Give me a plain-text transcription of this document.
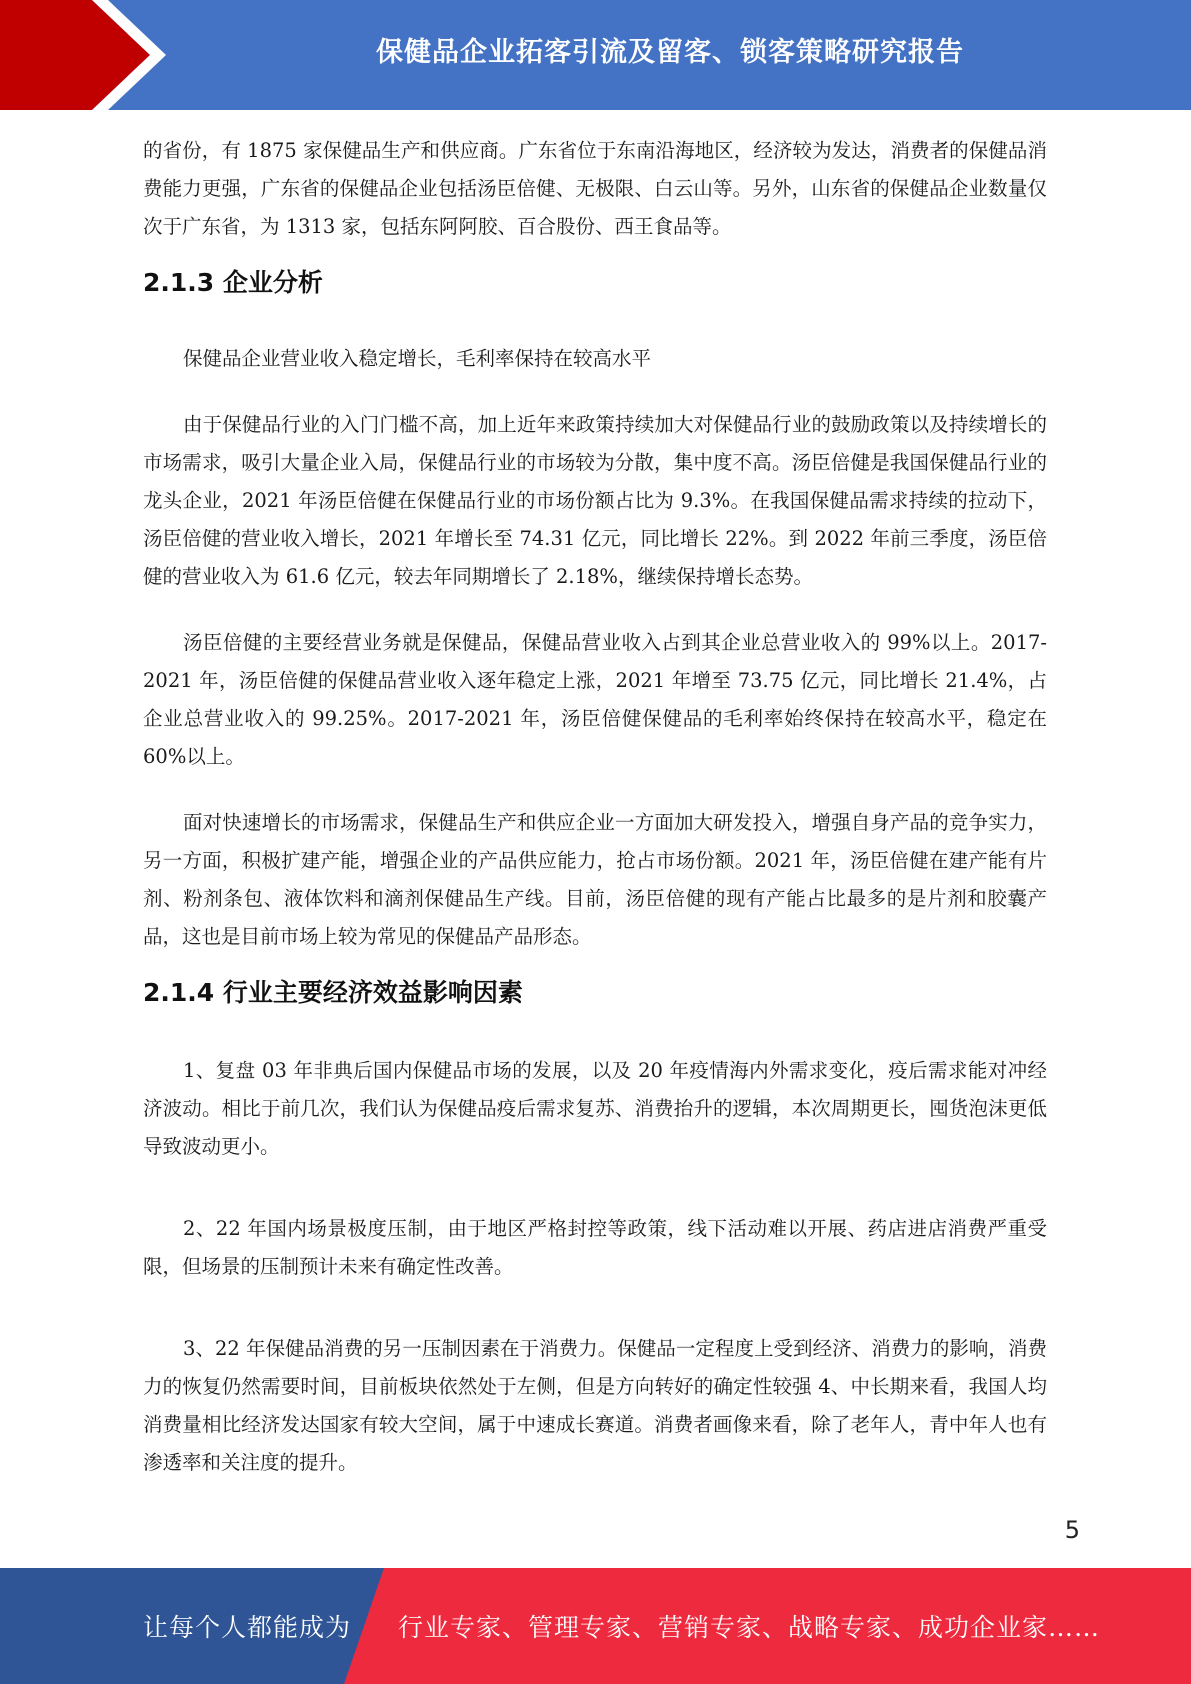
保健品企业拓客引流及留客、锁客策略研究报告

的省份，有 1875 家保健品生产和供应商。广东省位于东南沿海地区，经济较为发达，消费者的保健品消费能力更强，广东省的保健品企业包括汤臣倍健、无极限、白云山等。另外，山东省的保健品企业数量仅次于广东省，为 1313 家，包括东阿阿胶、百合股份、西王食品等。

2.1.3 企业分析

保健品企业营业收入稳定增长，毛利率保持在较高水平

由于保健品行业的入门门槛不高，加上近年来政策持续加大对保健品行业的鼓励政策以及持续增长的市场需求，吸引大量企业入局，保健品行业的市场较为分散，集中度不高。汤臣倍健是我国保健品行业的龙头企业，2021 年汤臣倍健在保健品行业的市场份额占比为 9.3%。在我国保健品需求持续的拉动下，汤臣倍健的营业收入增长，2021 年增长至 74.31 亿元，同比增长 22%。到 2022 年前三季度，汤臣倍健的营业收入为 61.6 亿元，较去年同期增长了 2.18%，继续保持增长态势。

汤臣倍健的主要经营业务就是保健品，保健品营业收入占到其企业总营业收入的 99%以上。2017-2021 年，汤臣倍健的保健品营业收入逐年稳定上涨，2021 年增至 73.75 亿元，同比增长 21.4%，占企业总营业收入的 99.25%。2017-2021 年，汤臣倍健保健品的毛利率始终保持在较高水平，稳定在 60%以上。

面对快速增长的市场需求，保健品生产和供应企业一方面加大研发投入，增强自身产品的竞争实力，另一方面，积极扩建产能，增强企业的产品供应能力，抢占市场份额。2021 年，汤臣倍健在建产能有片剂、粉剂条包、液体饮料和滴剂保健品生产线。目前，汤臣倍健的现有产能占比最多的是片剂和胶囊产品，这也是目前市场上较为常见的保健品产品形态。

2.1.4 行业主要经济效益影响因素

1、复盘 03 年非典后国内保健品市场的发展，以及 20 年疫情海内外需求变化，疫后需求能对冲经济波动。相比于前几次，我们认为保健品疫后需求复苏、消费抬升的逻辑，本次周期更长，囤货泡沫更低导致波动更小。

2、22 年国内场景极度压制，由于地区严格封控等政策，线下活动难以开展、药店进店消费严重受限，但场景的压制预计未来有确定性改善。

3、22 年保健品消费的另一压制因素在于消费力。保健品一定程度上受到经济、消费力的影响，消费力的恢复仍然需要时间，目前板块依然处于左侧，但是方向转好的确定性较强 4、中长期来看，我国人均消费量相比经济发达国家有较大空间，属于中速成长赛道。消费者画像来看，除了老年人，青中年人也有渗透率和关注度的提升。

5
让每个人都能成为 行业专家、管理专家、营销专家、战略专家、成功企业家……
